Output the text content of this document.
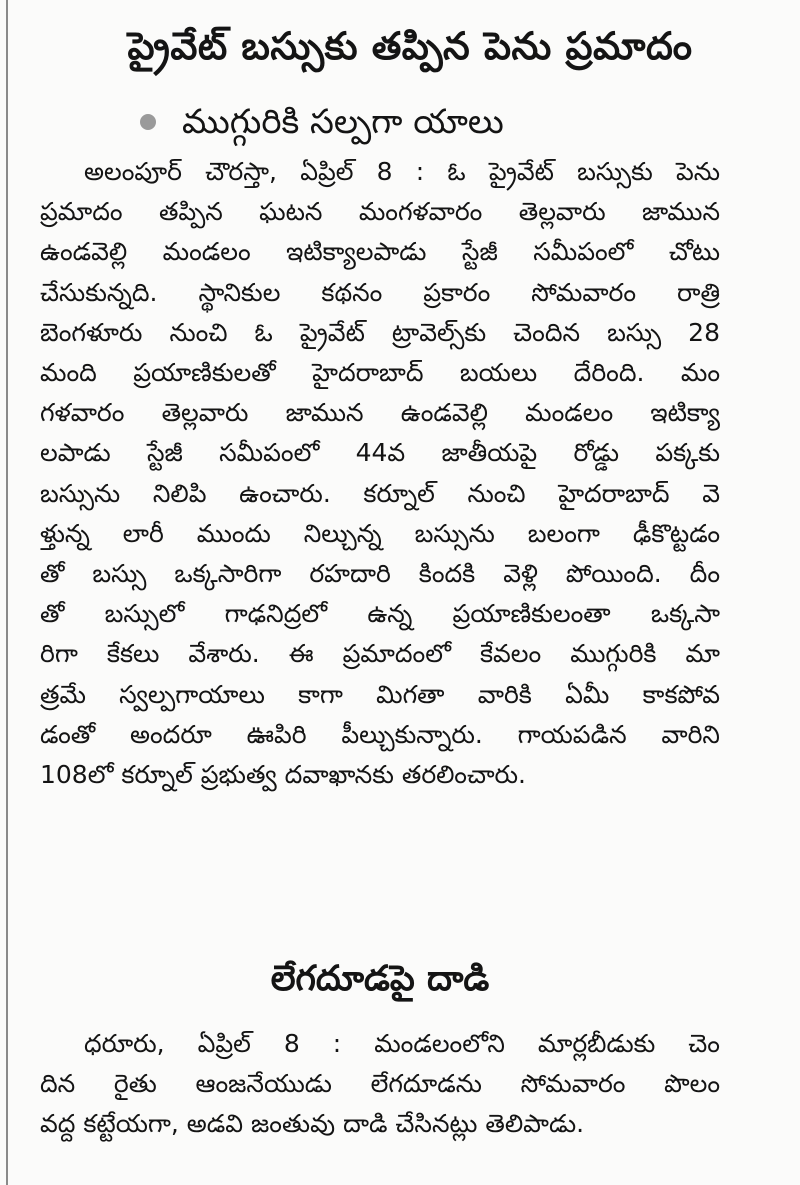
ప్రైవేట్ బస్సుకు తప్పిన పెను ప్రమాదం
ముగ్గురికి సల్పగా యాలు
అలంపూర్ చౌరస్తా, ఏప్రిల్ 8 : ఓ ప్రైవేట్ బస్సుకు పెను
ప్రమాదం తప్పిన ఘటన మంగళవారం తెల్లవారు జామున
ఉండవెల్లి మండలం ఇటిక్యాలపాడు స్టేజీ సమీపంలో చోటు
చేసుకున్నది. స్థానికుల కథనం ప్రకారం సోమవారం రాత్రి
బెంగళూరు నుంచి ఓ ప్రైవేట్ ట్రావెల్స్‌కు చెందిన బస్సు 28
మంది ప్రయాణికులతో హైదరాబాద్ బయలు దేరింది. మం
గళవారం తెల్లవారు జామున ఉండవెల్లి మండలం ఇటిక్యా
లపాడు స్టేజీ సమీపంలో 44వ జాతీయపై రోడ్డు పక్కకు
బస్సును నిలిపి ఉంచారు. కర్నూల్ నుంచి హైదరాబాద్ వె
ళ్తున్న లారీ ముందు నిల్చున్న బస్సును బలంగా ఢీకొట్టడం
తో బస్సు ఒక్కసారిగా రహదారి కిందకి వెళ్లి పోయింది. దీం
తో బస్సులో గాఢనిద్రలో ఉన్న ప్రయాణికులంతా ఒక్కసా
రిగా కేకలు వేశారు. ఈ ప్రమాదంలో కేవలం ముగ్గురికి మా
త్రమే స్వల్పగాయాలు కాగా మిగతా వారికి ఏమీ కాకపోవ
డంతో అందరూ ఊపిరి పీల్చుకున్నారు. గాయపడిన వారిని
108లో కర్నూల్ ప్రభుత్వ దవాఖానకు తరలించారు.
లేగదూడపై దాడి
ధరూరు, ఏప్రిల్ 8 : మండలంలోని మార్లబీడుకు చెం
దిన రైతు ఆంజనేయుడు లేగదూడను సోమవారం పొలం
వద్ద కట్టేయగా, అడవి జంతువు దాడి చేసినట్లు తెలిపాడు.
